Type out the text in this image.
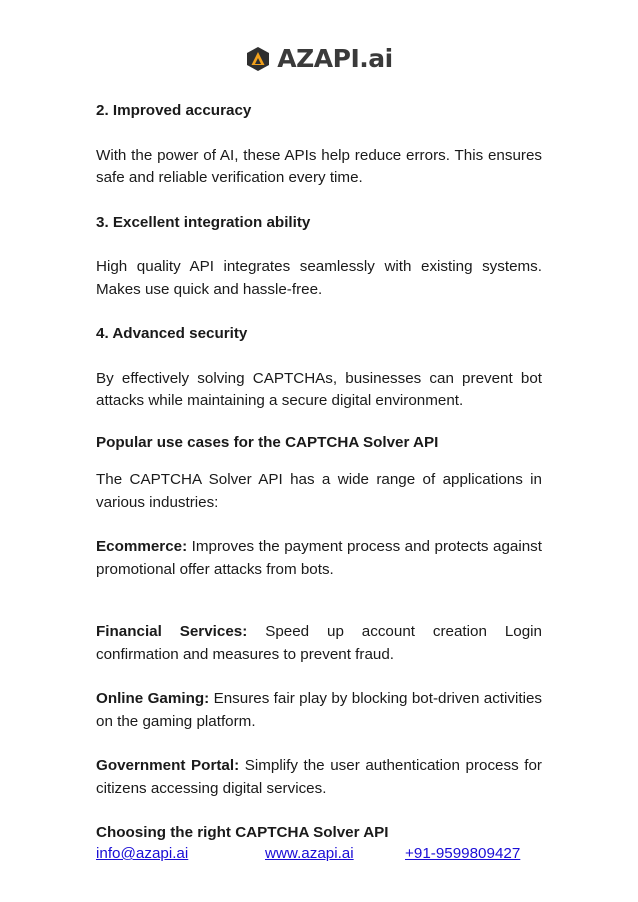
AZAPI.ai

2. Improved accuracy

With the power of AI, these APIs help reduce errors. This ensures safe and reliable verification every time.

3. Excellent integration ability

High quality API integrates seamlessly with existing systems. Makes use quick and hassle-free.

4. Advanced security

By effectively solving CAPTCHAs, businesses can prevent bot attacks while maintaining a secure digital environment.

Popular use cases for the CAPTCHA Solver API

The CAPTCHA Solver API has a wide range of applications in various industries:

Ecommerce: Improves the payment process and protects against promotional offer attacks from bots.

Financial Services: Speed up account creation Login confirmation and measures to prevent fraud.

Online Gaming: Ensures fair play by blocking bot-driven activities on the gaming platform.

Government Portal: Simplify the user authentication process for citizens accessing digital services.

Choosing the right CAPTCHA Solver API

info@azapi.ai	www.azapi.ai	+91-9599809427
